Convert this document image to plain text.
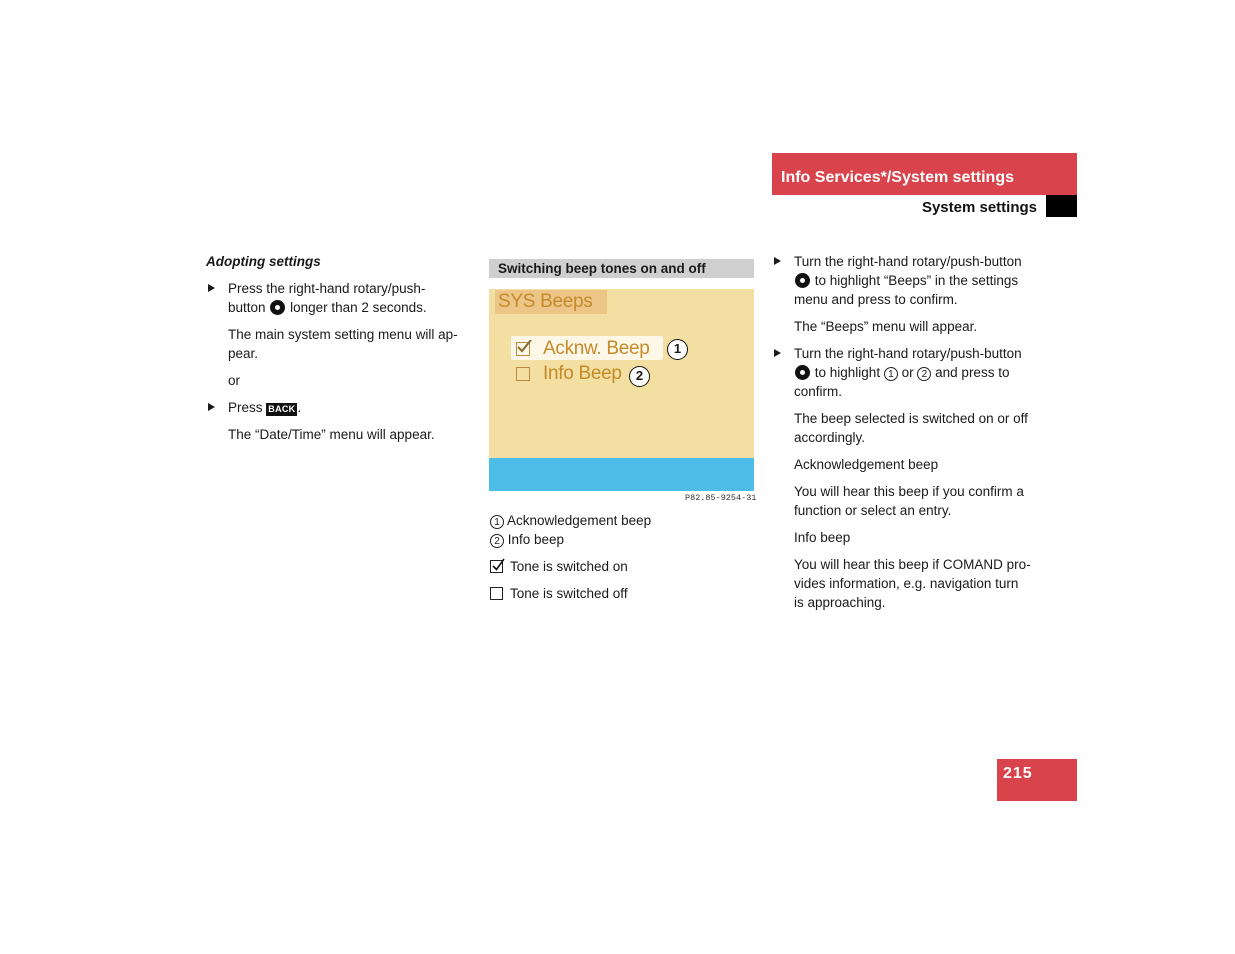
Info Services*/System settings
System settings
215

Adopting settings

Press the right-hand rotary/push-
button longer than 2 seconds.

The main system setting menu will ap-
pear.

or

Press BACK .

The “Date/Time” menu will appear.

Switching beep tones on and off
SYS Beeps
Acknw. Beep
Info Beep
1
2
P82.85-9254-31

1 Acknowledgement beep

2 Info beep

Tone is switched on

Tone is switched off

Turn the right-hand rotary/push-button
to highlight “Beeps” in the settings
menu and press to confirm.

The “Beeps” menu will appear.

Turn the right-hand rotary/push-button
to highlight 1 or 2 and press to
confirm.

The beep selected is switched on or off
accordingly.

Acknowledgement beep

You will hear this beep if you confirm a
function or select an entry.

Info beep

You will hear this beep if COMAND pro-
vides information, e.g. navigation turn
is approaching.
